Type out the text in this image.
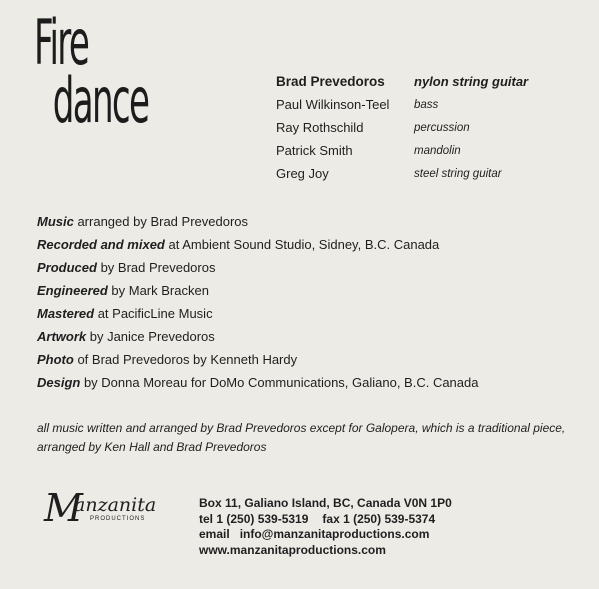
Fire
dance	Brad Prevedoros	nylon string guitar
Paul Wilkinson-Teel	bass
Ray Rothschild	percussion
Patrick Smith	mandolin
Greg Joy	steel string guitar
Music arranged by Brad Prevedoros
Recorded and mixed at Ambient Sound Studio, Sidney, B.C. Canada
Produced by Brad Prevedoros
Engineered by Mark Bracken
Mastered at PacificLine Music
Artwork by Janice Prevedoros
Photo of Brad Prevedoros by Kenneth Hardy
Design by Donna Moreau for DoMo Communications, Galiano, B.C. Canada

all music written and arranged by Brad Prevedoros except for Galopera, which is a traditional piece, arranged by Ken Hall and Brad Prevedoros

M
anzanita
PRODUCTIONS
Box 11, Galiano Island, BC, Canada V0N 1P0
tel 1 (250) 539-5319 fax 1 (250) 539-5374
email   info@manzanitaproductions.com
www.manzanitaproductions.com
